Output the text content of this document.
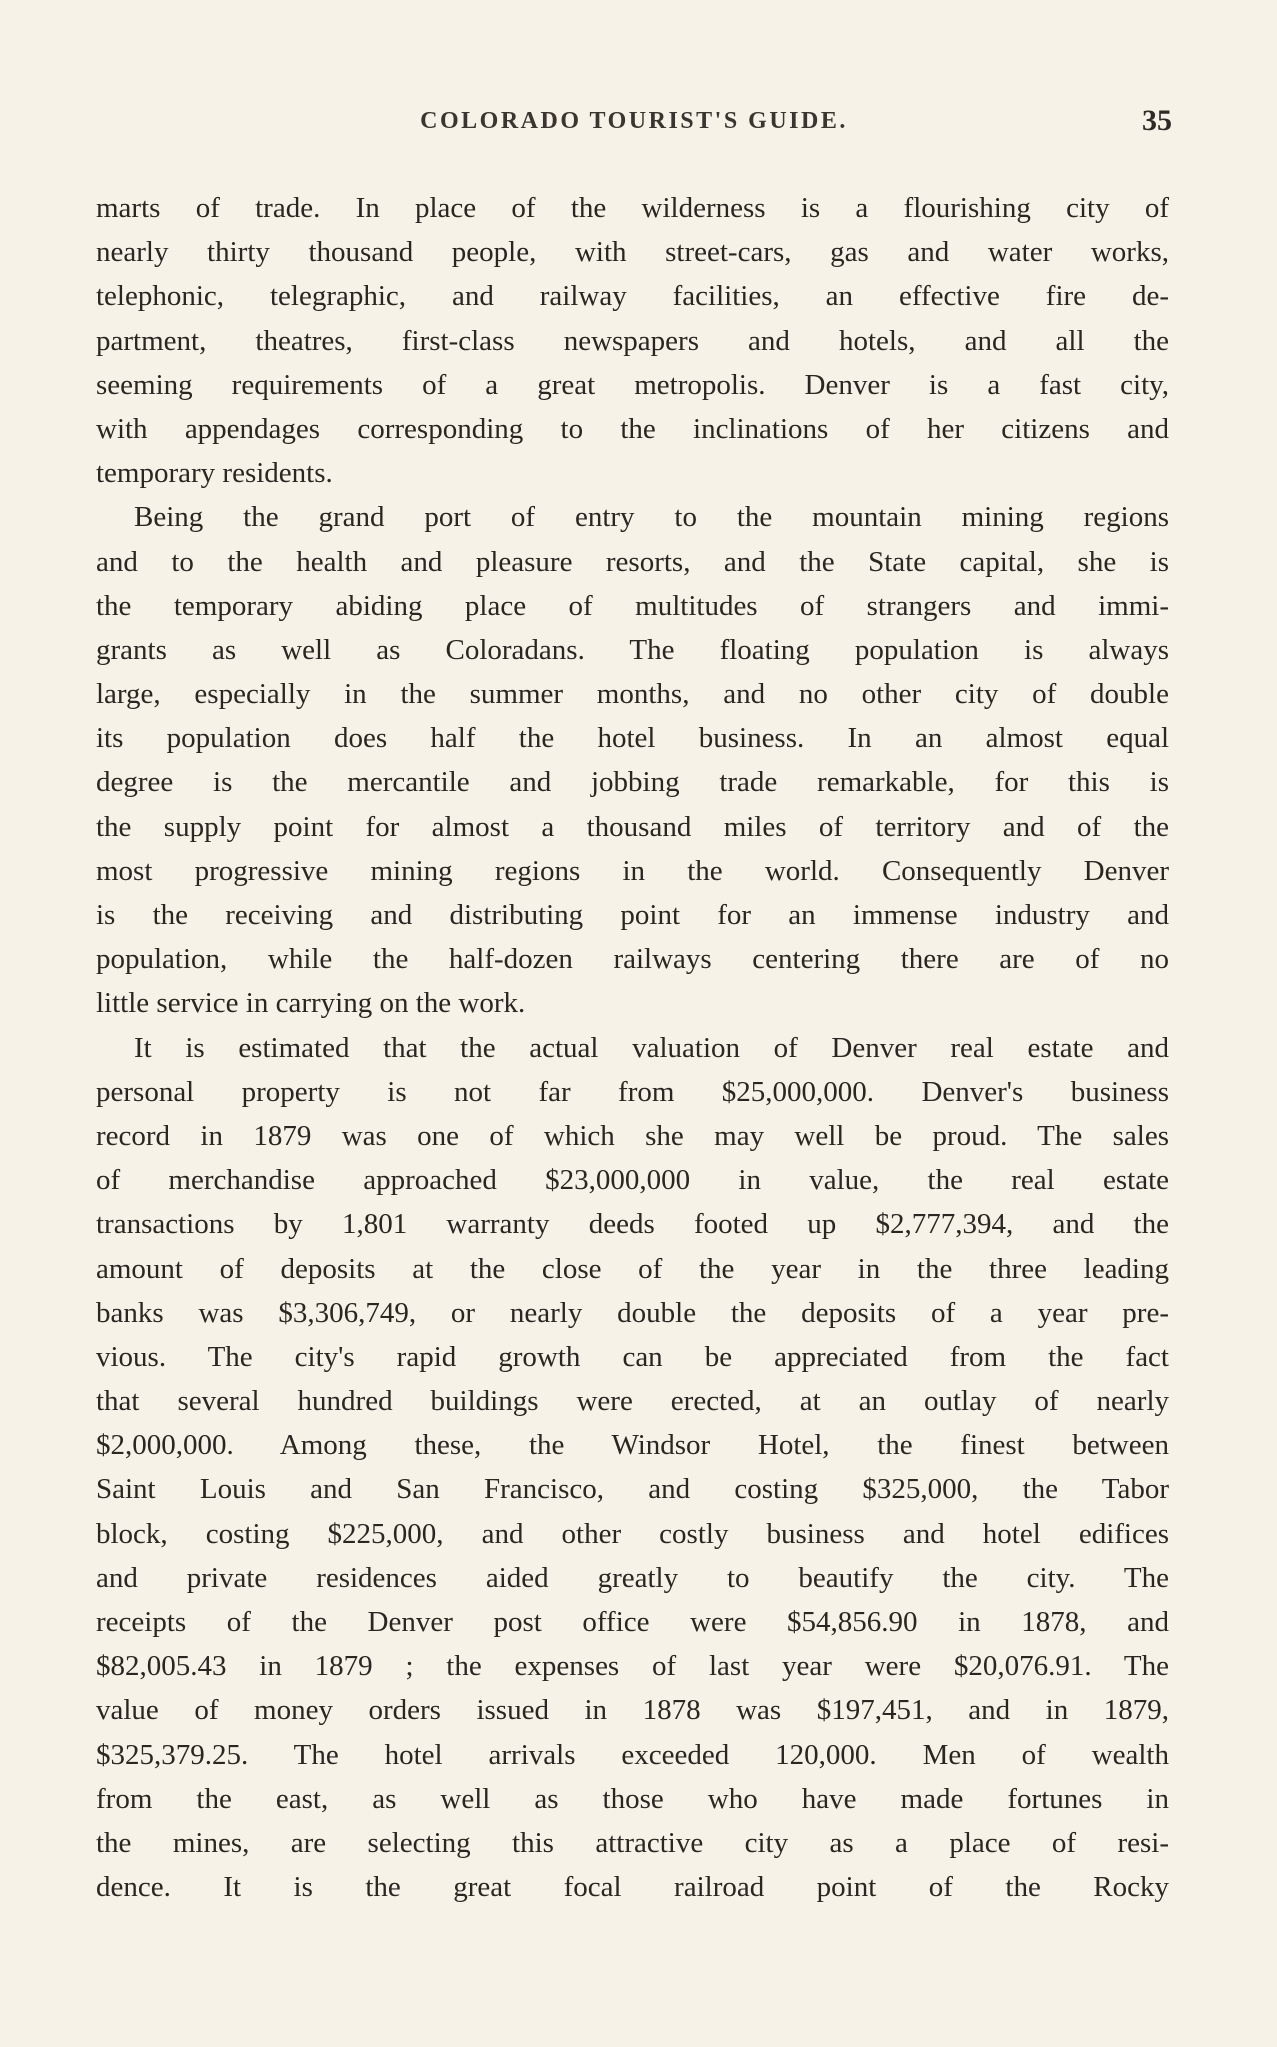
COLORADO TOURIST'S GUIDE.	35
marts of trade. In place of the wilderness is a flourishing city of
nearly thirty thousand people, with street-cars, gas and water works,
telephonic, telegraphic, and railway facilities, an effective fire de-
partment, theatres, first-class newspapers and hotels, and all the
seeming requirements of a great metropolis. Denver is a fast city,
with appendages corresponding to the inclinations of her citizens and
temporary residents.
Being the grand port of entry to the mountain mining regions
and to the health and pleasure resorts, and the State capital, she is
the temporary abiding place of multitudes of strangers and immi-
grants as well as Coloradans. The floating population is always
large, especially in the summer months, and no other city of double
its population does half the hotel business. In an almost equal
degree is the mercantile and jobbing trade remarkable, for this is
the supply point for almost a thousand miles of territory and of the
most progressive mining regions in the world. Consequently Denver
is the receiving and distributing point for an immense industry and
population, while the half-dozen railways centering there are of no
little service in carrying on the work.
It is estimated that the actual valuation of Denver real estate and
personal property is not far from $25,000,000. Denver's business
record in 1879 was one of which she may well be proud. The sales
of merchandise approached $23,000,000 in value, the real estate
transactions by 1,801 warranty deeds footed up $2,777,394, and the
amount of deposits at the close of the year in the three leading
banks was $3,306,749, or nearly double the deposits of a year pre-
vious. The city's rapid growth can be appreciated from the fact
that several hundred buildings were erected, at an outlay of nearly
$2,000,000. Among these, the Windsor Hotel, the finest between
Saint Louis and San Francisco, and costing $325,000, the Tabor
block, costing $225,000, and other costly business and hotel edifices
and private residences aided greatly to beautify the city. The
receipts of the Denver post office were $54,856.90 in 1878, and
$82,005.43 in 1879 ; the expenses of last year were $20,076.91. The
value of money orders issued in 1878 was $197,451, and in 1879,
$325,379.25. The hotel arrivals exceeded 120,000. Men of wealth
from the east, as well as those who have made fortunes in
the mines, are selecting this attractive city as a place of resi-
dence. It is the great focal railroad point of the Rocky
